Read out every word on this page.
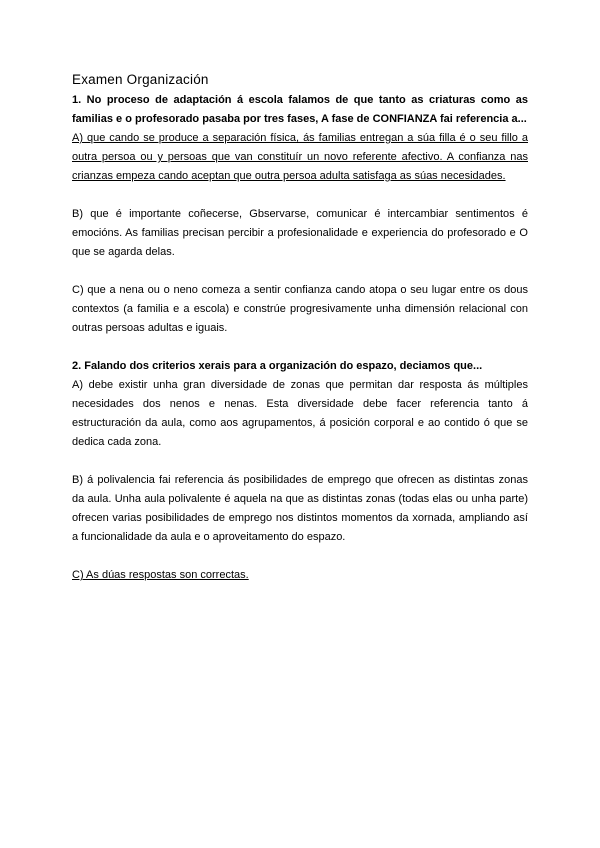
Examen Organización

1. No proceso de adaptación á escola falamos de que tanto as criaturas como as familias e o profesorado pasaba por tres fases, A fase de CONFIANZA fai referencia a...

A) que cando se produce a separación física, ás familias entregan a súa filla é o seu fillo a outra persoa ou y persoas que van constituír un novo referente afectivo. A confianza nas crianzas empeza cando aceptan que outra persoa adulta satisfaga as súas necesidades.

B) que é importante coñecerse, Gbservarse, comunicar é intercambiar sentimentos é emocións. As familias precisan percibir a profesionalidade e experiencia do profesorado e O que se agarda delas.

C) que a nena ou o neno comeza a sentir confianza cando atopa o seu lugar entre os dous contextos (a familia e a escola) e constrúe progresivamente unha dimensión relacional con outras persoas adultas e iguais.

2. Falando dos criterios xerais para a organización do espazo, deciamos que...

A) debe existir unha gran diversidade de zonas que permitan dar resposta ás múltiples necesidades dos nenos e nenas. Esta diversidade debe facer referencia tanto á estructuración da aula, como aos agrupamentos, á posición corporal e ao contido ó que se dedica cada zona.

B) á polivalencia fai referencia ás posibilidades de emprego que ofrecen as distintas zonas da aula. Unha aula polivalente é aquela na que as distintas zonas (todas elas ou unha parte) ofrecen varias posibilidades de emprego nos distintos momentos da xornada, ampliando así a funcionalidade da aula e o aproveitamento do espazo.

C) As dúas respostas son correctas.
